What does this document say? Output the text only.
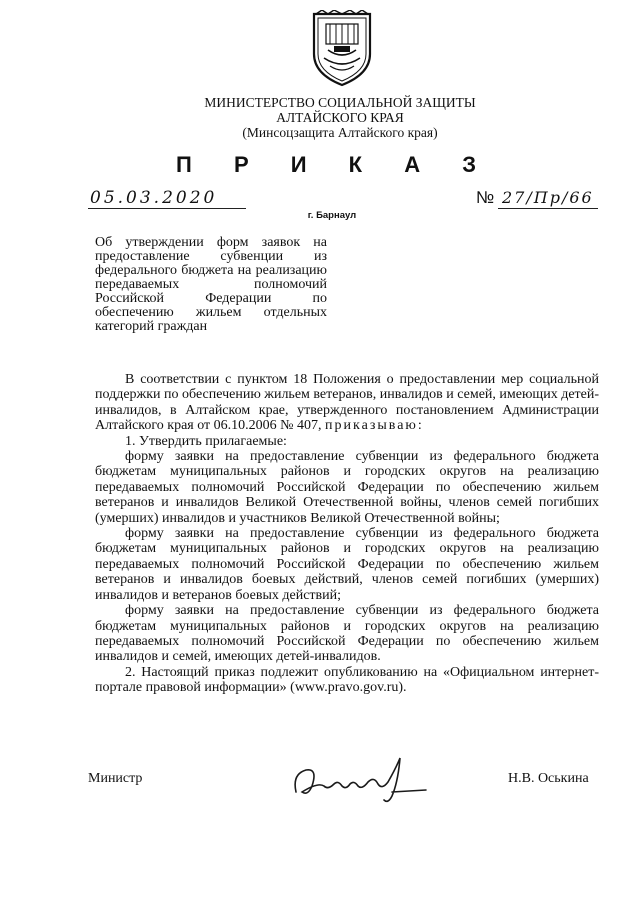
МИНИСТЕРСТВО СОЦИАЛЬНОЙ ЗАЩИТЫ
АЛТАЙСКОГО КРАЯ
(Минсоцзащита Алтайского края)
П Р И К А З
05.03.2020	№ 27/Пр/66
г. Барнаул
Об утверждении форм заявок на предоставление субвенции из федерального бюджета на реализацию передаваемых полномочий Российской Федерации по обеспечению жильем отдельных категорий граждан

В соответствии с пунктом 18 Положения о предоставлении мер социальной поддержки по обеспечению жильем ветеранов, инвалидов и семей, имеющих детей-инвалидов, в Алтайском крае, утвержденного постановлением Администрации Алтайского края от 06.10.2006 № 407, приказываю:

1. Утвердить прилагаемые:

форму заявки на предоставление субвенции из федерального бюджета бюджетам муниципальных районов и городских округов на реализацию передаваемых полномочий Российской Федерации по обеспечению жильем ветеранов и инвалидов Великой Отечественной войны, членов семей погибших (умерших) инвалидов и участников Великой Отечественной войны;

форму заявки на предоставление субвенции из федерального бюджета бюджетам муниципальных районов и городских округов на реализацию передаваемых полномочий Российской Федерации по обеспечению жильем ветеранов и инвалидов боевых действий, членов семей погибших (умерших) инвалидов и ветеранов боевых действий;

форму заявки на предоставление субвенции из федерального бюджета бюджетам муниципальных районов и городских округов на реализацию передаваемых полномочий Российской Федерации по обеспечению жильем инвалидов и семей, имеющих детей-инвалидов.

2. Настоящий приказ подлежит опубликованию на «Официальном интернет-портале правовой информации» (www.pravo.gov.ru).

Министр	Н.В. Оськина
